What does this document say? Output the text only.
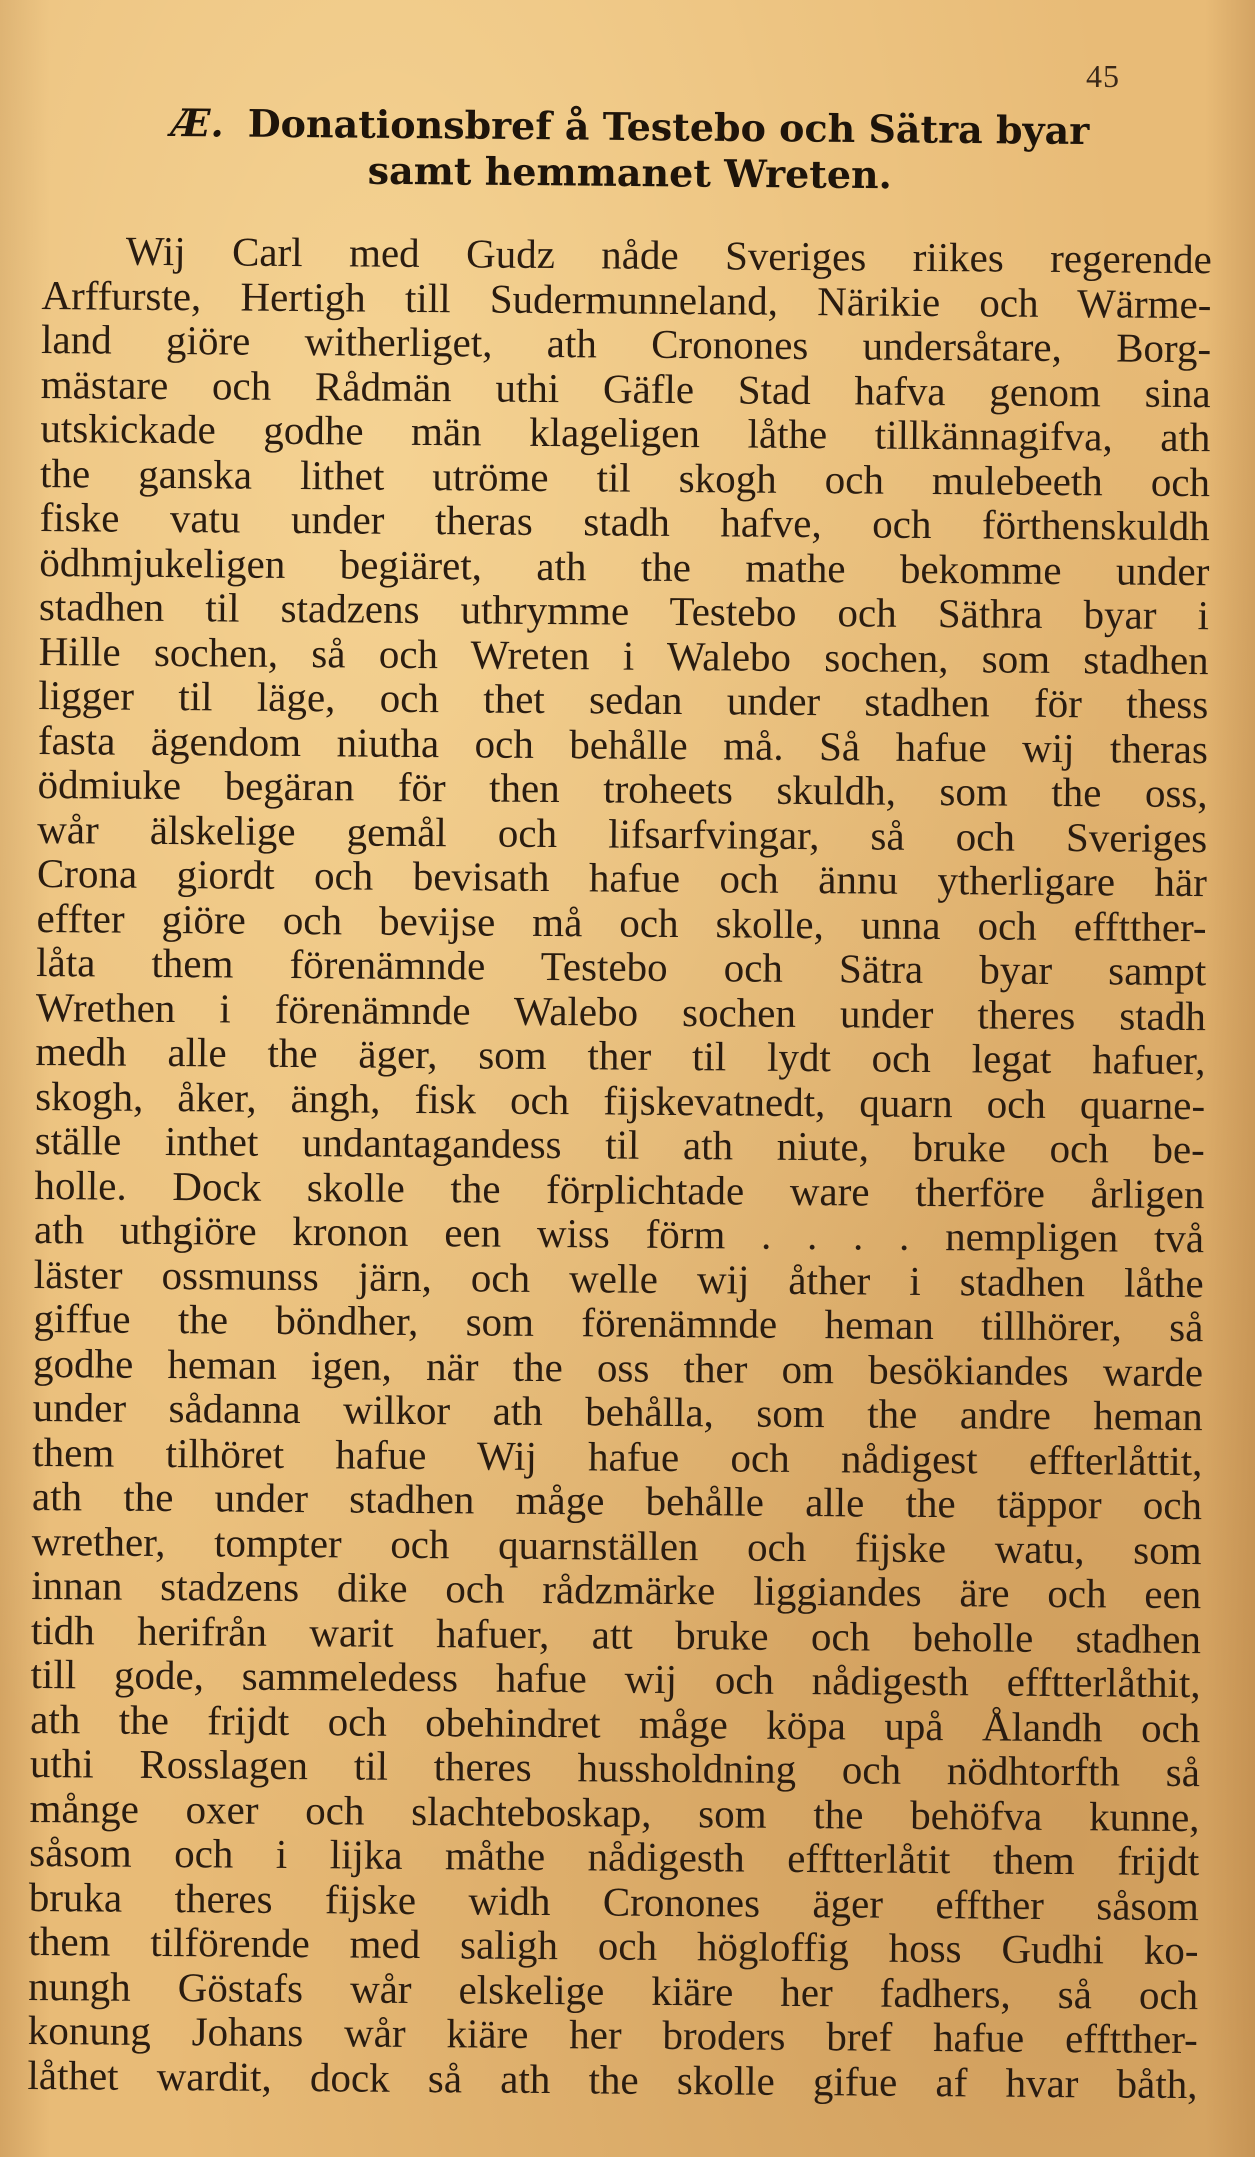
45
Æ. Donationsbref å Testebo och Sätra byar
samt hemmanet Wreten.
Wij Carl med Gudz nåde Sveriges riikes regerende
Arffurste, Hertigh till Sudermunneland, Närikie och Wärme-
land giöre witherliget, ath Cronones undersåtare, Borg-
mästare och Rådmän uthi Gäfle Stad hafva genom sina
utskickade godhe män klageligen låthe tillkännagifva, ath
the ganska lithet utröme til skogh och mulebeeth och
fiske vatu under theras stadh hafve, och förthenskuldh
ödhmjukeligen begiäret, ath the mathe bekomme under
stadhen til stadzens uthrymme Testebo och Säthra byar i
Hille sochen, så och Wreten i Walebo sochen, som stadhen
ligger til läge, och thet sedan under stadhen för thess
fasta ägendom niutha och behålle må. Så hafue wij theras
ödmiuke begäran för then troheets skuldh, som the oss,
wår älskelige gemål och lifsarfvingar, så och Sveriges
Crona giordt och bevisath hafue och ännu ytherligare här
effter giöre och bevijse må och skolle, unna och efftther-
låta them förenämnde Testebo och Sätra byar sampt
Wrethen i förenämnde Walebo sochen under theres stadh
medh alle the äger, som ther til lydt och legat hafuer,
skogh, åker, ängh, fisk och fijskevatnedt, quarn och quarne-
ställe inthet undantagandess til ath niute, bruke och be-
holle. Dock skolle the förplichtade ware therföre årligen
ath uthgiöre kronon een wiss förm . . . . nempligen två
läster ossmunss järn, och welle wij åther i stadhen låthe
giffue the böndher, som förenämnde heman tillhörer, så
godhe heman igen, när the oss ther om besökiandes warde
under sådanna wilkor ath behålla, som the andre heman
them tilhöret hafue Wij hafue och nådigest effterlåttit,
ath the under stadhen måge behålle alle the täppor och
wrether, tompter och quarnställen och fijske watu, som
innan stadzens dike och rådzmärke liggiandes äre och een
tidh herifrån warit hafuer, att bruke och beholle stadhen
till gode, sammeledess hafue wij och nådigesth efftterlåthit,
ath the frijdt och obehindret måge köpa upå Ålandh och
uthi Rosslagen til theres hussholdning och nödhtorfth så
månge oxer och slachteboskap, som the behöfva kunne,
såsom och i lijka måthe nådigesth efftterlåtit them frijdt
bruka theres fijske widh Cronones äger effther såsom
them tilförende med saligh och högloffig hoss Gudhi ko-
nungh Göstafs wår elskelige kiäre her fadhers, så och
konung Johans wår kiäre her broders bref hafue efftther-
låthet wardit, dock så ath the skolle gifue af hvar båth,
